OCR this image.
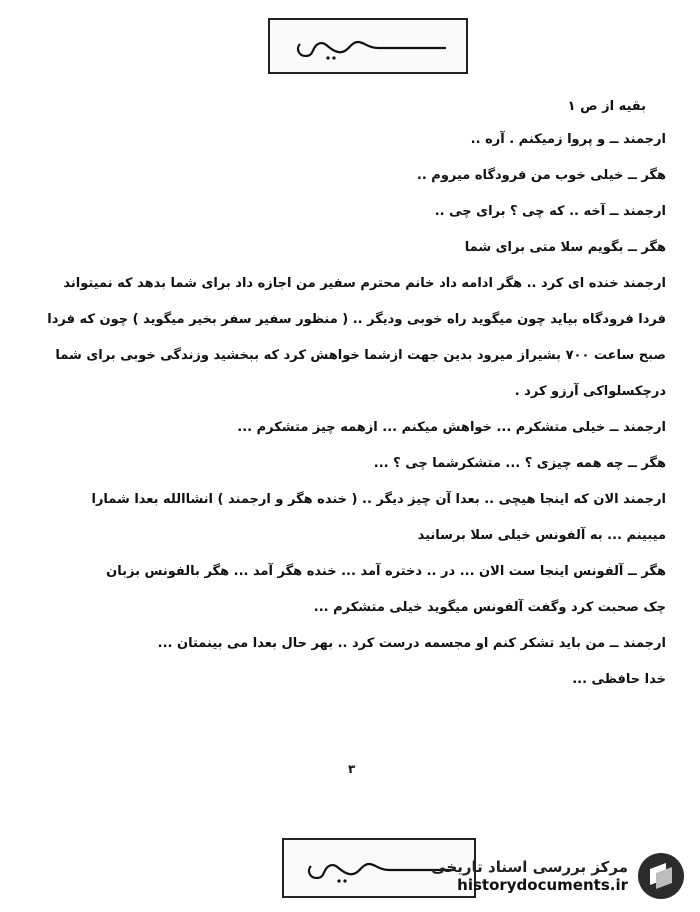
بقیه از ص ۱
ارجمند ــ و پروا زمیکنم . آره ..
هگر ــ خیلی خوب من فرودگاه میروم ..
ارجمند ــ آخه .. که چی ؟ برای چی ..
هگر ــ بگویم سلا متی برای شما
ارجمند خنده ای کرد .. هگر ادامه داد خانم محترم سفیر من اجازه داد برای شما بدهد که نمیتواند
فردا فرودگاه بیاید چون میگوید راه خوبی ودیگر .. ( منظور سفیر سفر بخیر میگوید ) چون که فردا
صبح ساعت ۷۰۰ بشیراز میرود بدین جهت ازشما خواهش کرد که ببخشید وزندگی خوبی برای شما
درچکسلواکی آرزو کرد .
ارجمند ــ خیلی متشکرم ... خواهش میکنم ... ازهمه چیز متشکرم ...
هگر ــ چه همه چیزی ؟ ... متشکرشما چی ؟ ...
ارجمند الان که اینجا هیچی .. بعدا آن چیز دیگر .. ( خنده هگر و ارجمند ) انشاالله بعدا شمارا
میبینم ... به آلفونس خیلی سلا برسانید
هگر ــ آلفونس اینجا ست الان ... در .. دختره آمد ... خنده هگر آمد ... هگر بالفونس بزبان
چک صحبت کرد وگفت آلفونس میگوید خیلی متشکرم ...
ارجمند ــ من باید تشکر کنم او مجسمه درست کرد .. بهر حال بعدا می بینمتان ...
خدا حافظی ...
۳
مرکز بررسی اسناد تاریخی
historydocuments.ir
